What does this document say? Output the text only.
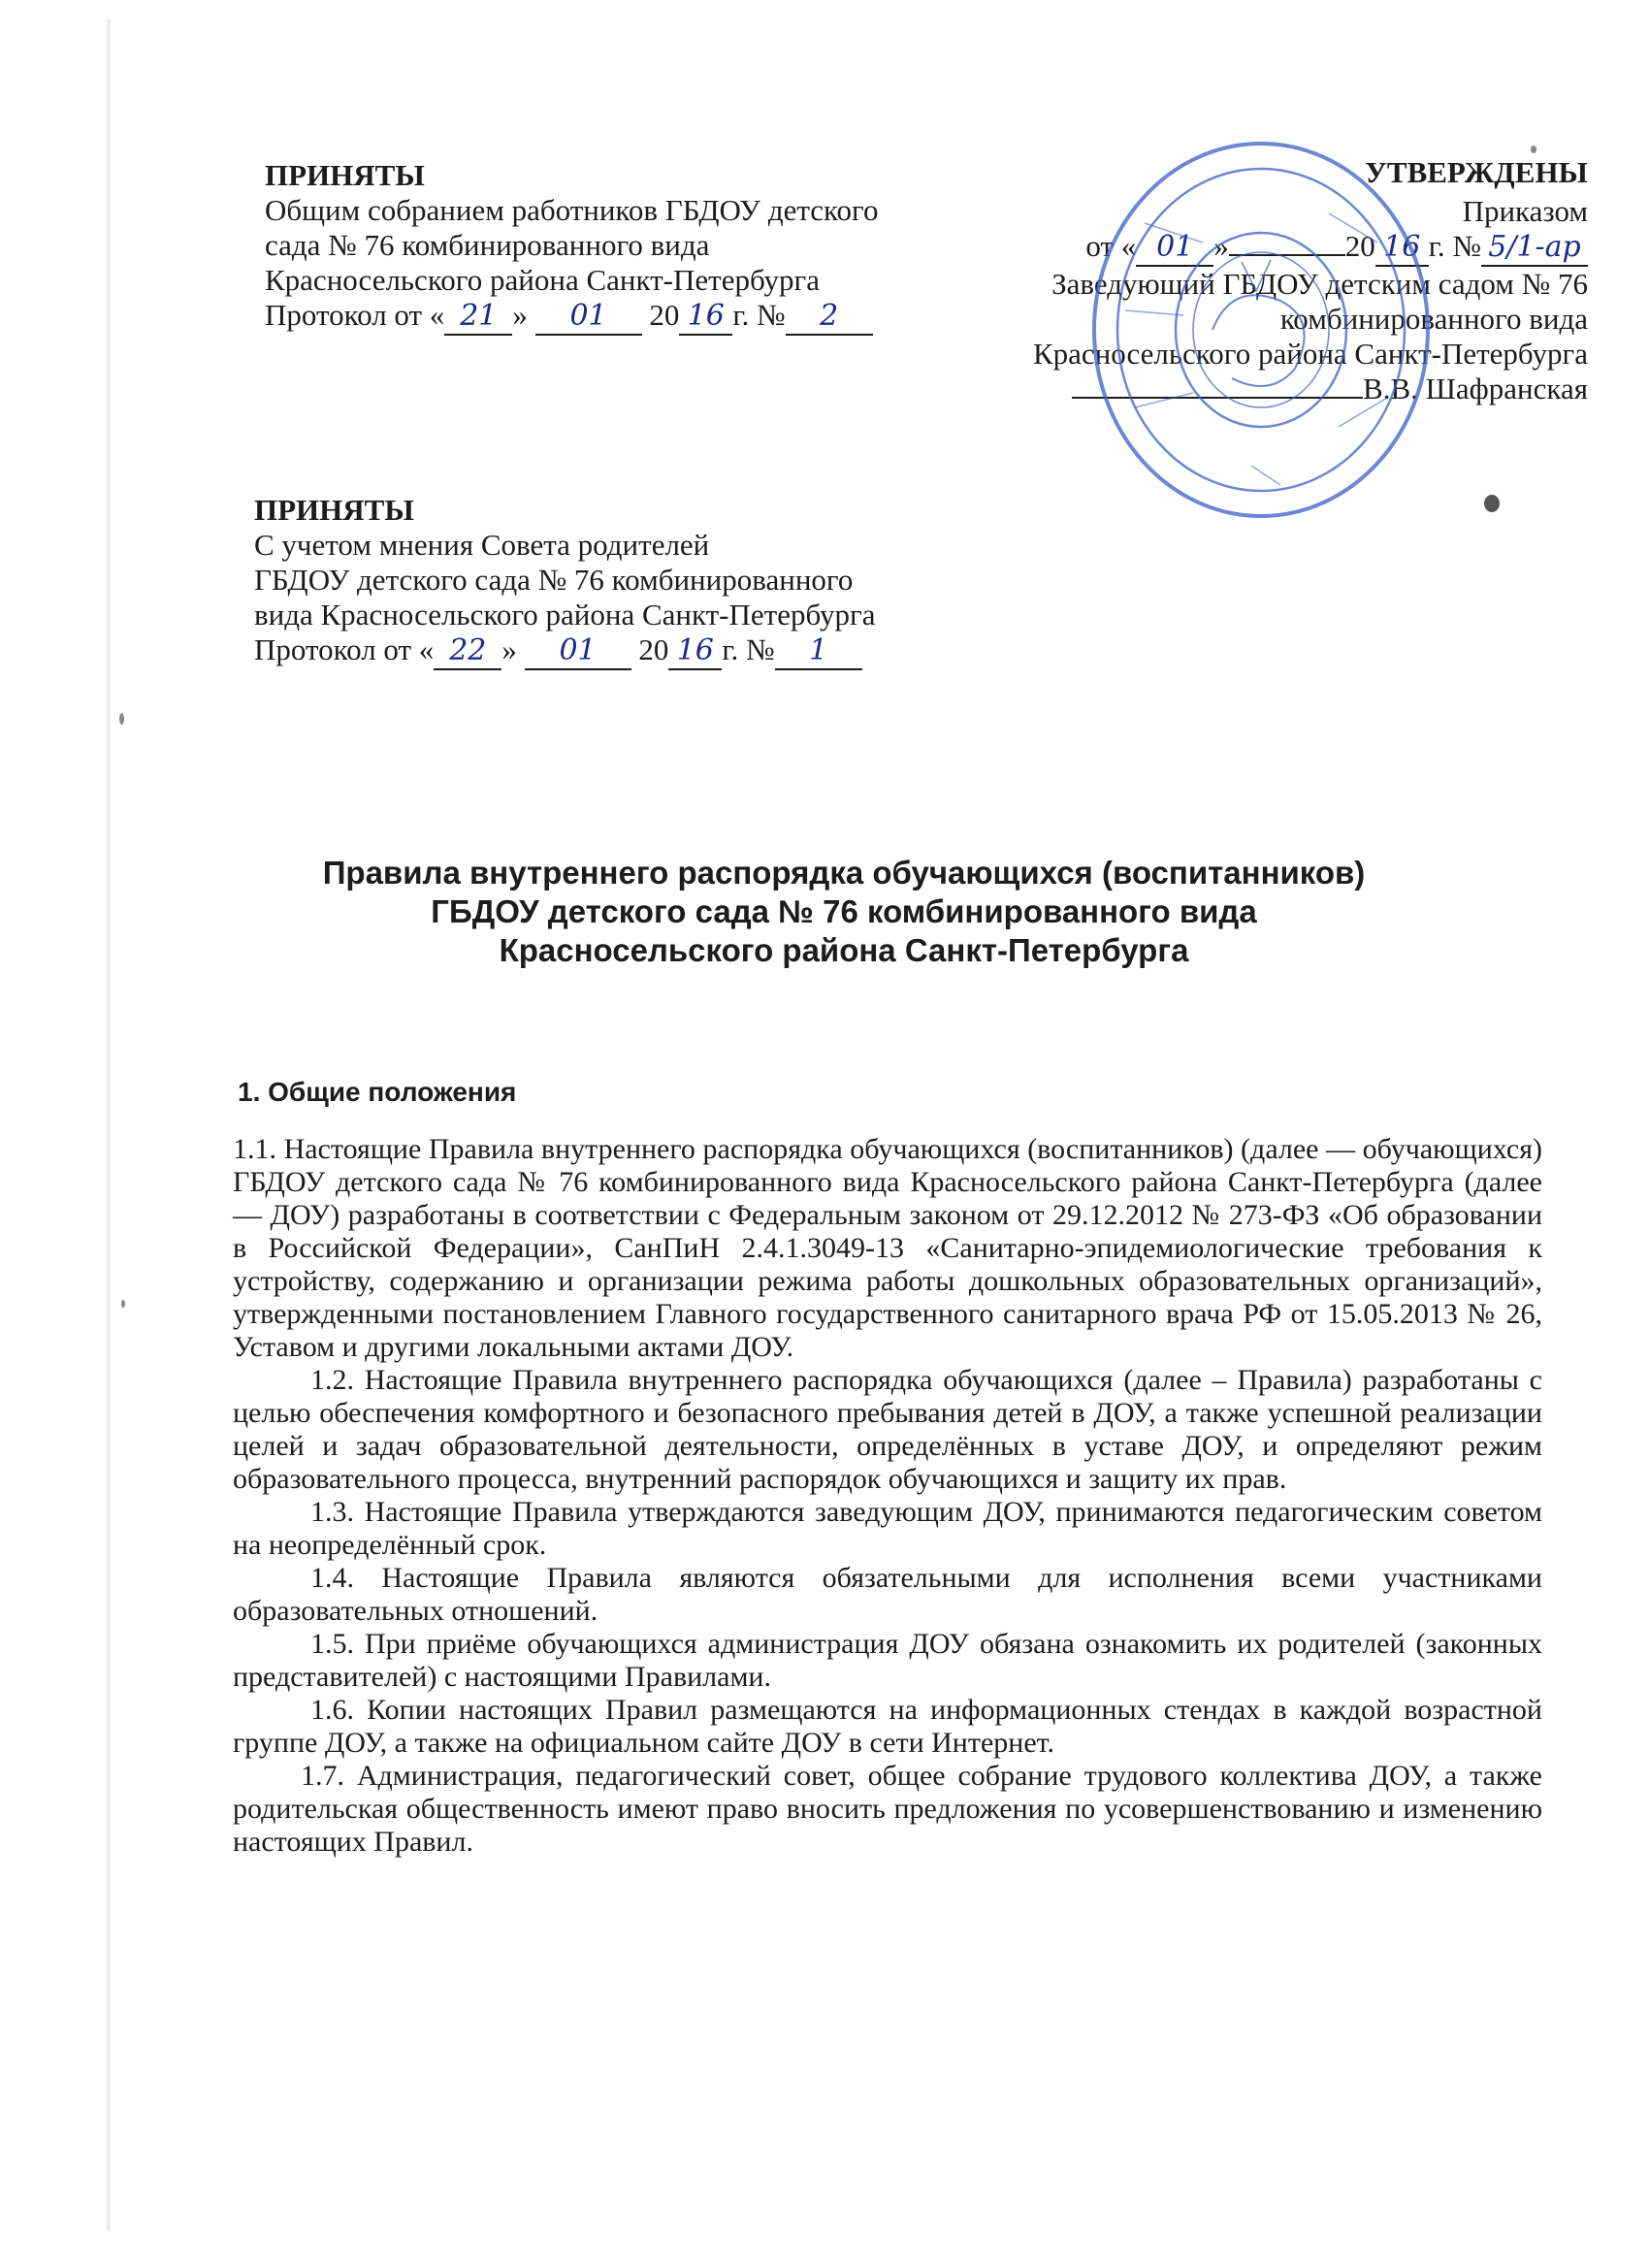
ПРИНЯТЫ
Общим собранием работников ГБДОУ детского
сада № 76 комбинированного вида
Красносельского района Санкт-Петербурга
Протокол от « 21 » 01 20 16 г. № 2
УТВЕРЖДЕНЫ
Приказом
от « 01 »	20 16 г. № 5/1-ар
Заведующий ГБДОУ детским садом № 76
комбинированного вида
Красносельского района Санкт-Петербурга
В.В. Шафранская
ПРИНЯТЫ
С учетом мнения Совета родителей
ГБДОУ детского сада № 76 комбинированного
вида Красносельского района Санкт-Петербурга
Протокол от « 22 » 01 20 16 г. № 1
Правила внутреннего распорядка обучающихся (воспитанников)
ГБДОУ детского сада № 76 комбинированного вида
Красносельского района Санкт-Петербурга
1. Общие положения

1.1. Настоящие Правила внутреннего распорядка обучающихся (воспитанников) (далее — обучающихся) ГБДОУ детского сада № 76 комбинированного вида Красносельского района Санкт-Петербурга (далее — ДОУ) разработаны в соответствии с Федеральным законом от 29.12.2012 № 273-ФЗ «Об образовании в Российской Федерации», СанПиН 2.4.1.3049-13 «Санитарно-эпидемиологические требования к устройству, содержанию и организации режима работы дошкольных образовательных организаций», утвержденными постановлением Главного государственного санитарного врача РФ от 15.05.2013 № 26, Уставом и другими локальными актами ДОУ.

1.2. Настоящие Правила внутреннего распорядка обучающихся (далее – Правила) разработаны с целью обеспечения комфортного и безопасного пребывания детей в ДОУ, а также успешной реализации целей и задач образовательной деятельности, определённых в уставе ДОУ, и определяют режим образовательного процесса, внутренний распорядок обучающихся и защиту их прав.

1.3. Настоящие Правила утверждаются заведующим ДОУ, принимаются педагогическим советом на неопределённый срок.

1.4. Настоящие Правила являются обязательными для исполнения всеми участниками образовательных отношений.

1.5. При приёме обучающихся администрация ДОУ обязана ознакомить их родителей (законных представителей) с настоящими Правилами.

1.6. Копии настоящих Правил размещаются на информационных стендах в каждой возрастной группе ДОУ, а также на официальном сайте ДОУ в сети Интернет.

1.7. Администрация, педагогический совет, общее собрание трудового коллектива ДОУ, а также родительская общественность имеют право вносить предложения по усовершенствованию и изменению настоящих Правил.
